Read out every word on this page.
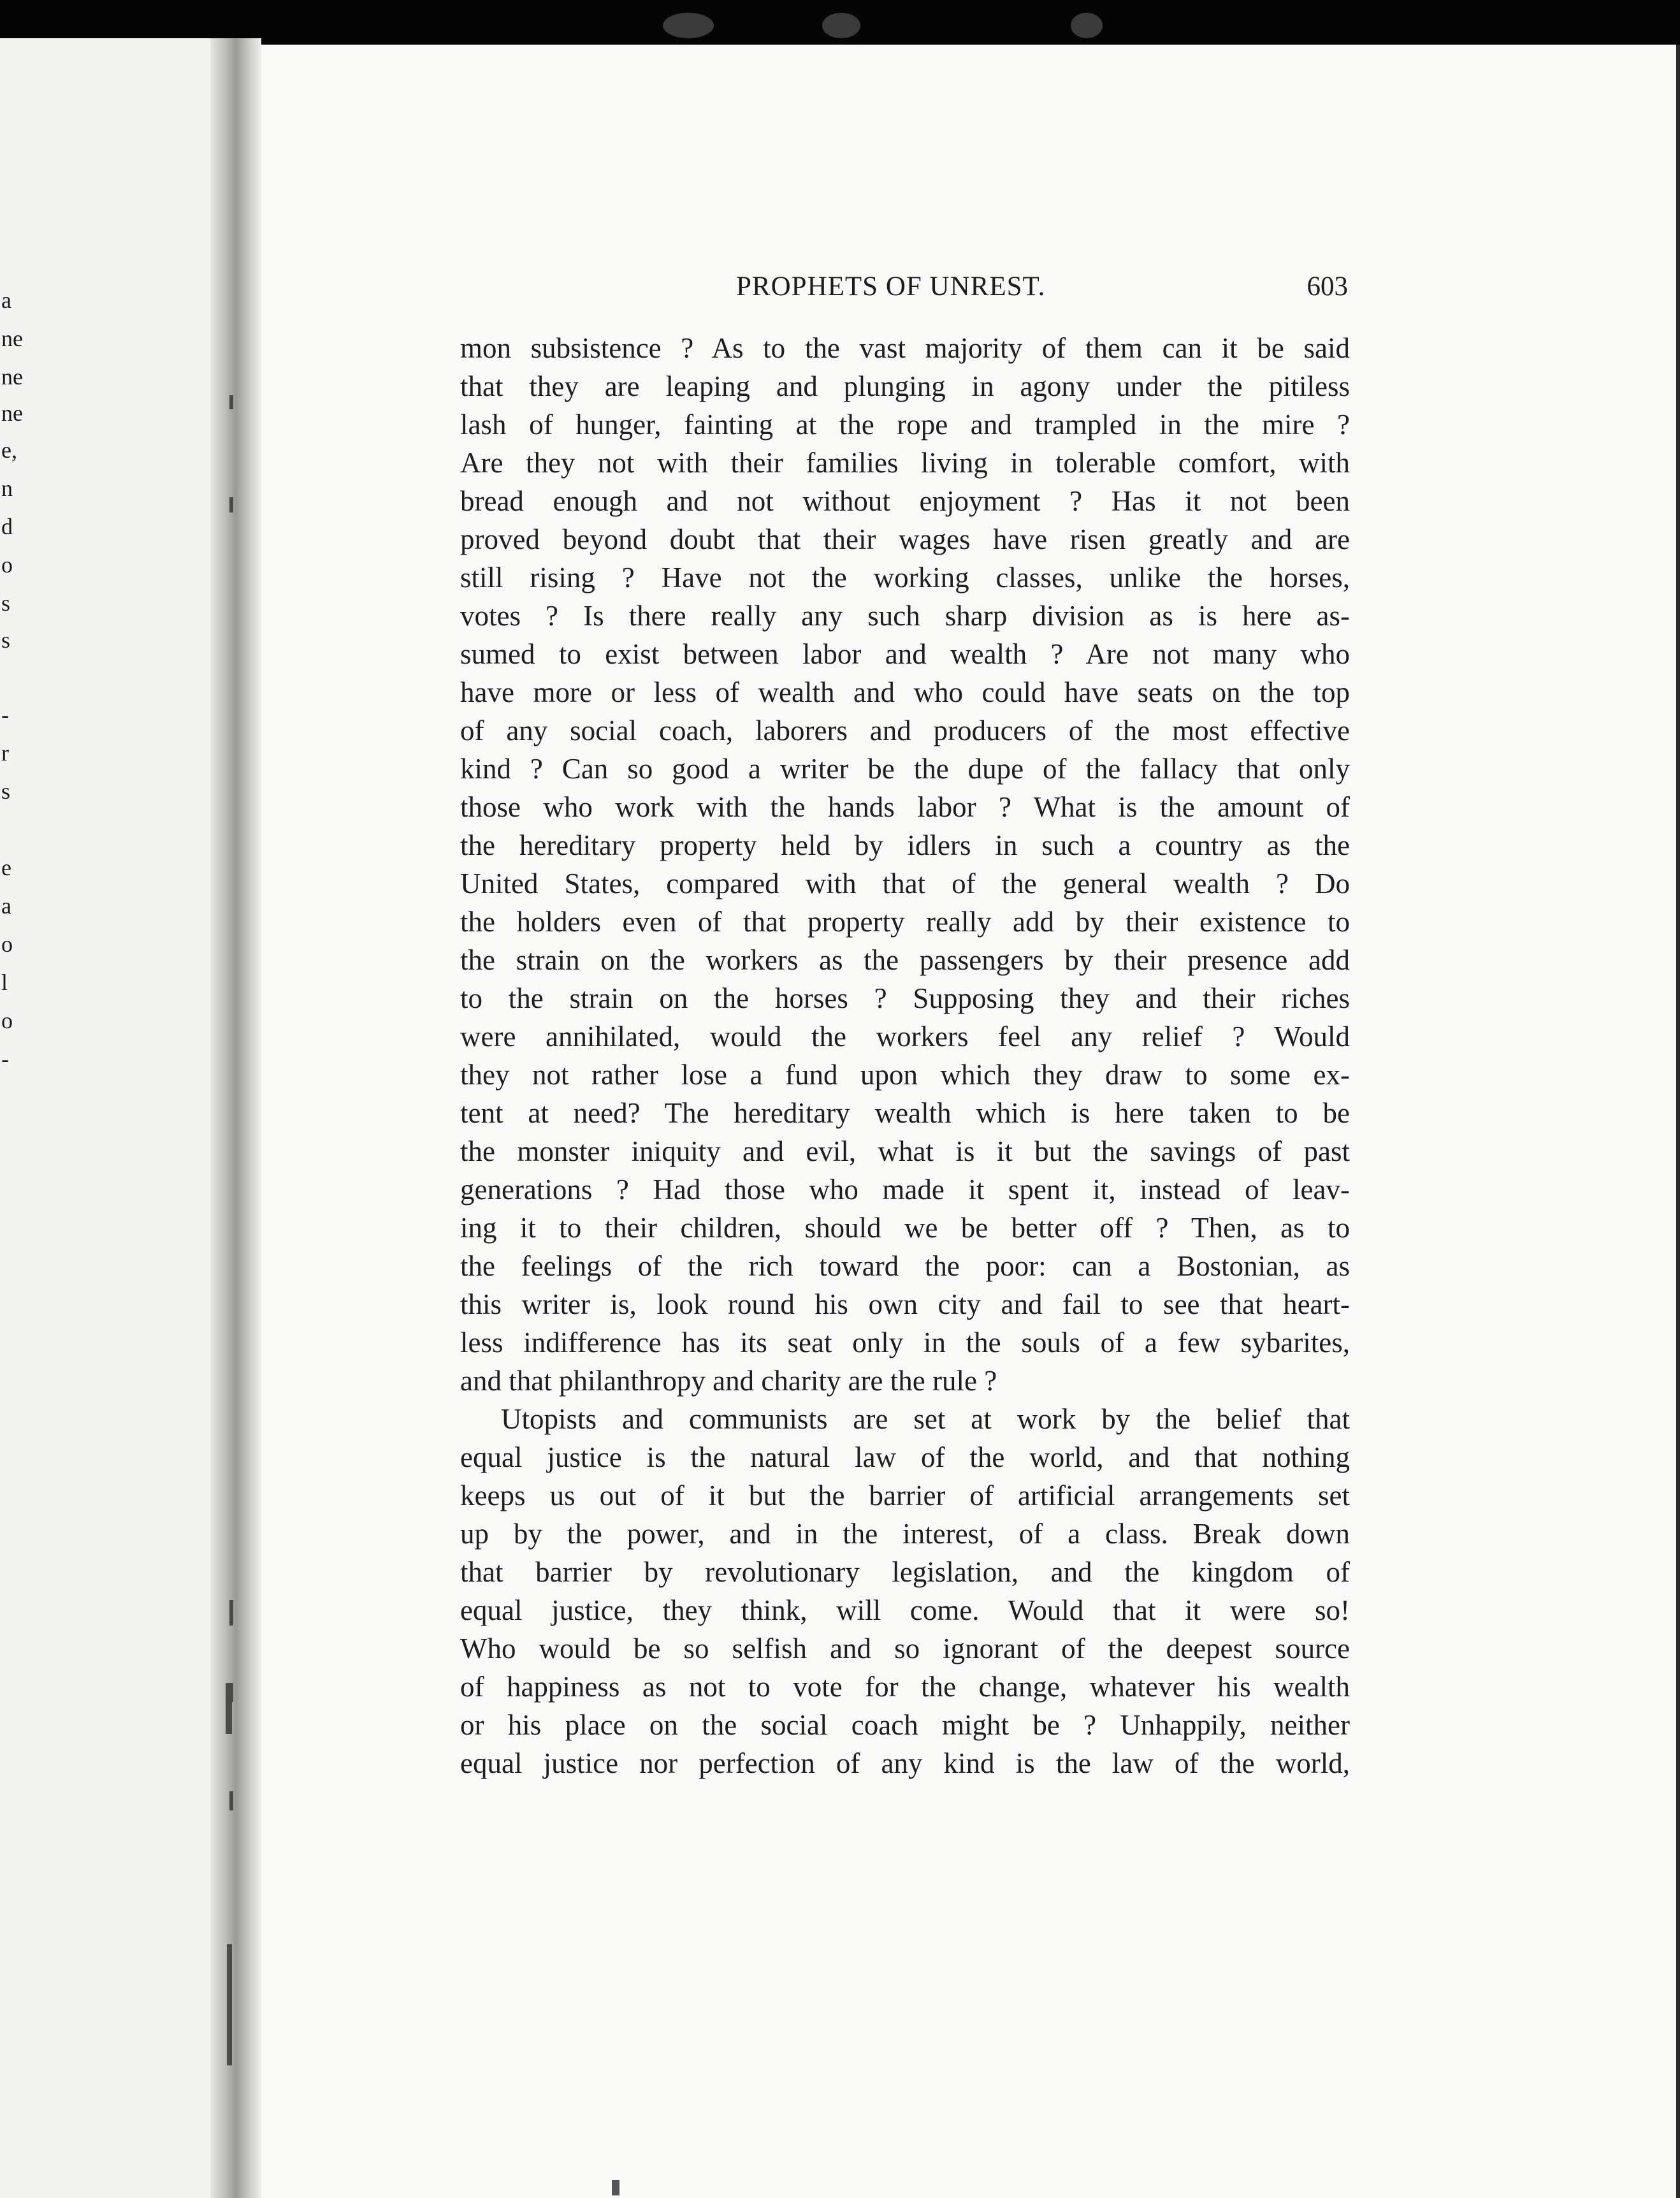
a
ne
ne
ne
e,
n
d
o
s
s
-
r
s
e
a
o
l
o
-
PROPHETS OF UNREST.	603
mon subsistence ? As to the vast majority of them can it be said
that they are leaping and plunging in agony under the pitiless
lash of hunger, fainting at the rope and trampled in the mire ?
Are they not with their families living in tolerable comfort, with
bread enough and not without enjoyment ? Has it not been
proved beyond doubt that their wages have risen greatly and are
still rising ? Have not the working classes, unlike the horses,
votes ? Is there really any such sharp division as is here as-
sumed to exist between labor and wealth ? Are not many who
have more or less of wealth and who could have seats on the top
of any social coach, laborers and producers of the most effective
kind ? Can so good a writer be the dupe of the fallacy that only
those who work with the hands labor ? What is the amount of
the hereditary property held by idlers in such a country as the
United States, compared with that of the general wealth ? Do
the holders even of that property really add by their existence to
the strain on the workers as the passengers by their presence add
to the strain on the horses ? Supposing they and their riches
were annihilated, would the workers feel any relief ? Would
they not rather lose a fund upon which they draw to some ex-
tent at need? The hereditary wealth which is here taken to be
the monster iniquity and evil, what is it but the savings of past
generations ? Had those who made it spent it, instead of leav-
ing it to their children, should we be better off ? Then, as to
the feelings of the rich toward the poor: can a Bostonian, as
this writer is, look round his own city and fail to see that heart-
less indifference has its seat only in the souls of a few sybarites,
and that philanthropy and charity are the rule ?
Utopists and communists are set at work by the belief that
equal justice is the natural law of the world, and that nothing
keeps us out of it but the barrier of artificial arrangements set
up by the power, and in the interest, of a class. Break down
that barrier by revolutionary legislation, and the kingdom of
equal justice, they think, will come. Would that it were so!
Who would be so selfish and so ignorant of the deepest source
of happiness as not to vote for the change, whatever his wealth
or his place on the social coach might be ? Unhappily, neither
equal justice nor perfection of any kind is the law of the world,
